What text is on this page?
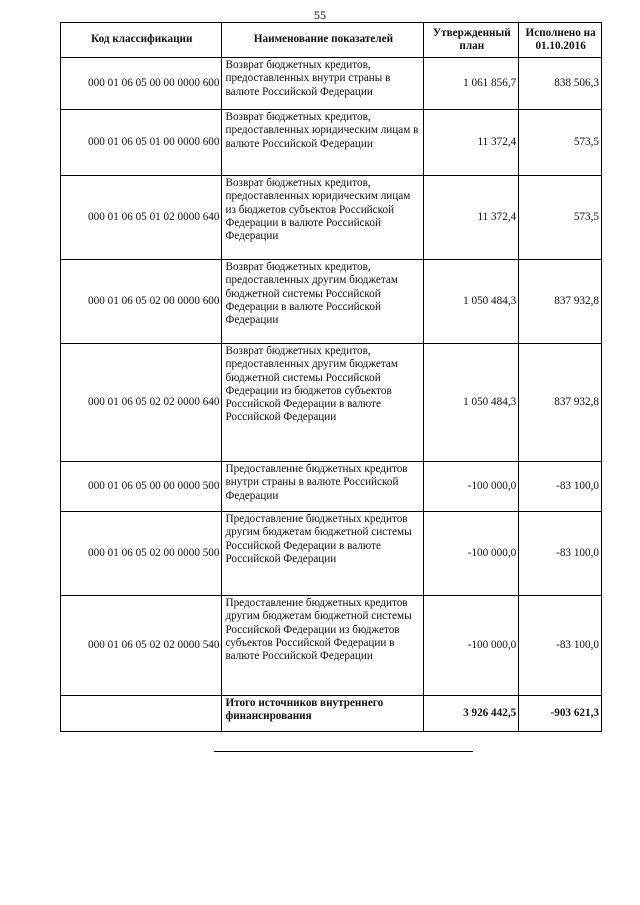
55
Код классификации	Наименование показателей	Утвержденный план	Исполнено на 01.10.2016
000 01 06 05 00 00 0000 600	Возврат бюджетных кредитов, предоставленных внутри страны в валюте Российской Федерации	1 061 856,7	838 506,3
000 01 06 05 01 00 0000 600	Возврат бюджетных кредитов, предоставленных юридическим лицам в валюте Российской Федерации	11 372,4	573,5
000 01 06 05 01 02 0000 640	Возврат бюджетных кредитов, предоставленных юридическим лицам из бюджетов субъектов Российской Федерации в валюте Российской Федерации	11 372,4	573,5
000 01 06 05 02 00 0000 600	Возврат бюджетных кредитов, предоставленных другим бюджетам бюджетной системы Российской Федерации в валюте Российской Федерации	1 050 484,3	837 932,8
000 01 06 05 02 02 0000 640	Возврат бюджетных кредитов, предоставленных другим бюджетам бюджетной системы Российской Федерации из бюджетов субъектов Российской Федерации в валюте Российской Федерации	1 050 484,3	837 932,8
000 01 06 05 00 00 0000 500	Предоставление бюджетных кредитов внутри страны в валюте Российской Федерации	-100 000,0	-83 100,0
000 01 06 05 02 00 0000 500	Предоставление бюджетных кредитов другим бюджетам бюджетной системы Российской Федерации в валюте Российской Федерации	-100 000,0	-83 100,0
000 01 06 05 02 02 0000 540	Предоставление бюджетных кредитов другим бюджетам бюджетной системы Российской Федерации из бюджетов субъектов Российской Федерации в валюте Российской Федерации	-100 000,0	-83 100,0
	Итого источников внутреннего финансирования	3 926 442,5	-903 621,3
